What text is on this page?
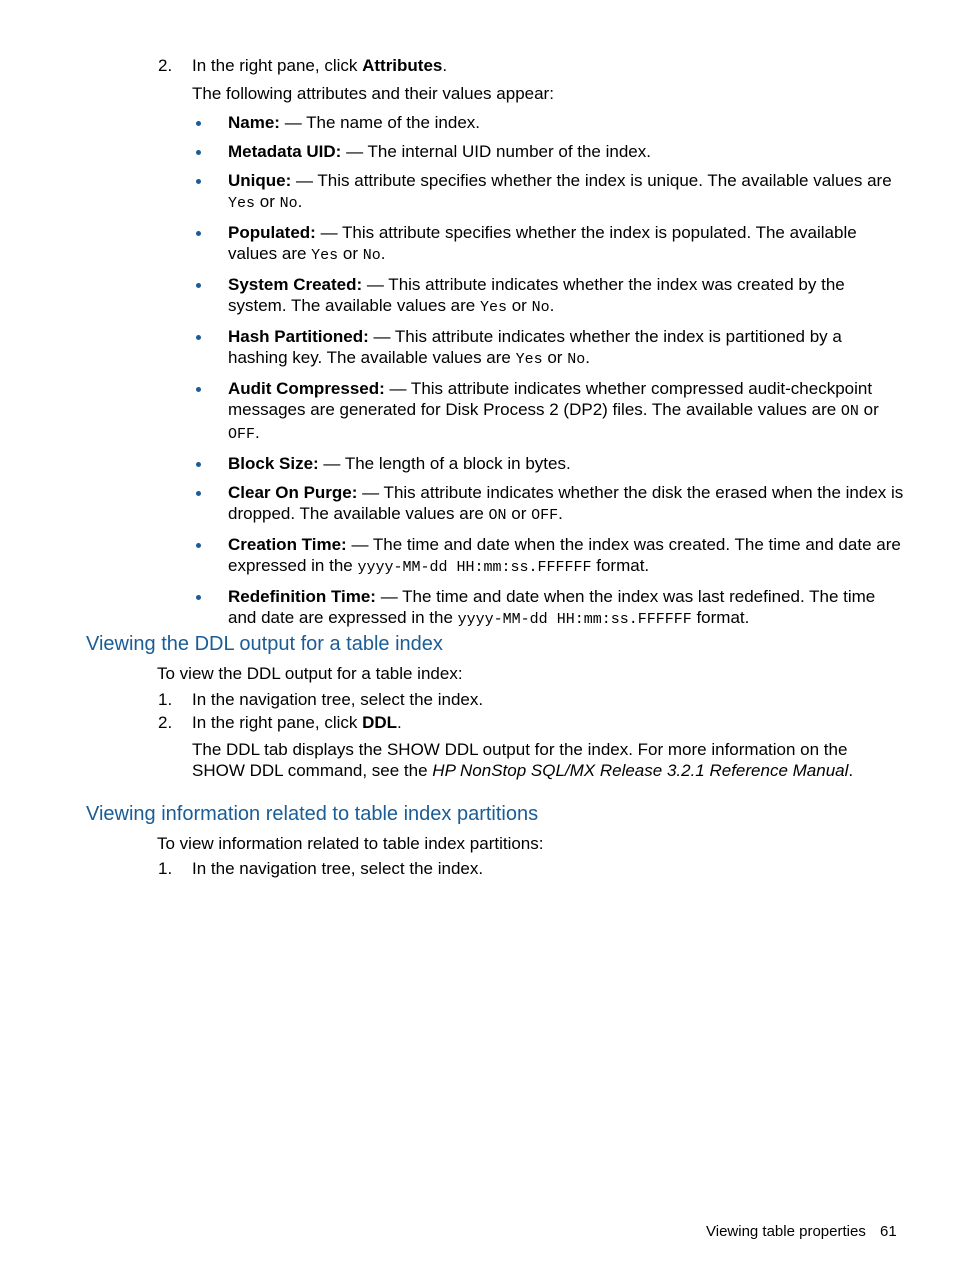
2. In the right pane, click Attributes.

The following attributes and their values appear:

Name: — The name of the index.
Metadata UID: — The internal UID number of the index.
Unique: — This attribute specifies whether the index is unique. The available values are Yes or No.
Populated: — This attribute specifies whether the index is populated. The available values are Yes or No.
System Created: — This attribute indicates whether the index was created by the system. The available values are Yes or No.
Hash Partitioned: — This attribute indicates whether the index is partitioned by a hashing key. The available values are Yes or No.
Audit Compressed: — This attribute indicates whether compressed audit-checkpoint messages are generated for Disk Process 2 (DP2) files. The available values are ON or OFF.
Block Size: — The length of a block in bytes.
Clear On Purge: — This attribute indicates whether the disk the erased when the index is dropped. The available values are ON or OFF.
Creation Time: — The time and date when the index was created. The time and date are expressed in the yyyy-MM-dd HH:mm:ss.FFFFFF format.
Redefinition Time: — The time and date when the index was last redefined. The time and date are expressed in the yyyy-MM-dd HH:mm:ss.FFFFFF format.
Viewing the DDL output for a table index

To view the DDL output for a table index:

1. In the navigation tree, select the index.
2. In the right pane, click DDL.

The DDL tab displays the SHOW DDL output for the index. For more information on the SHOW DDL command, see the HP NonStop SQL/MX Release 3.2.1 Reference Manual.

Viewing information related to table index partitions

To view information related to table index partitions:

1. In the navigation tree, select the index.
Viewing table properties 61
